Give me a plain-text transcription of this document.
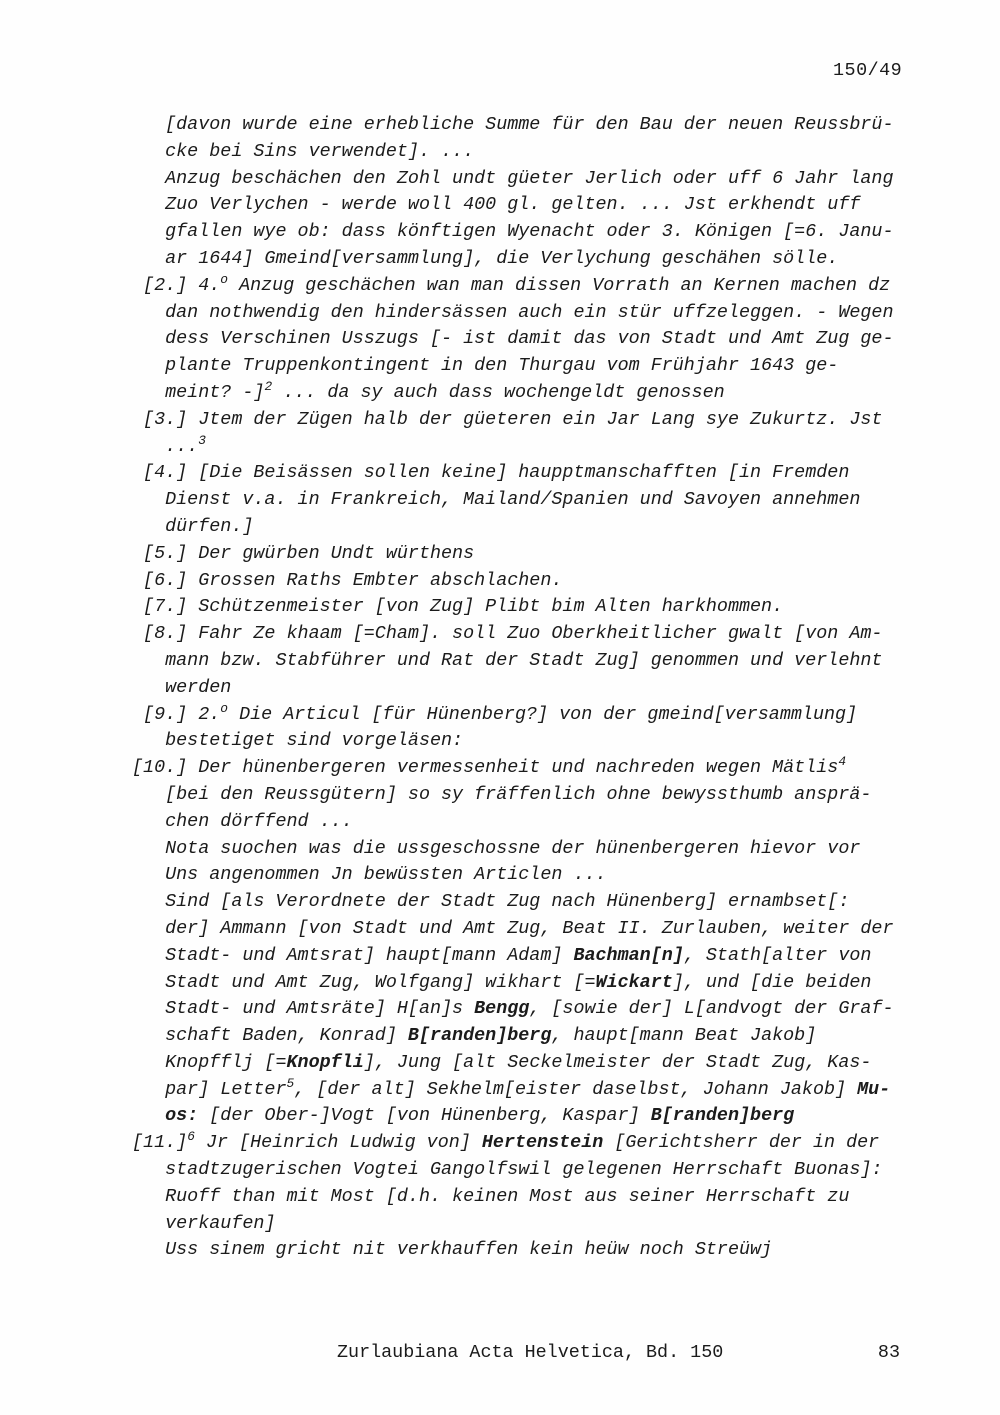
150/49
[davon wurde eine erhebliche Summe für den Bau der neuen Reussbrü-
cke bei Sins verwendet]. ...
Anzug beschächen den Zohl undt güeter Jerlich oder uff 6 Jahr lang
Zuo Verlychen - werde woll 400 gl. gelten. ... Jst erkhendt uff
gfallen wye ob: dass könftigen Wyenacht oder 3. Königen [=6. Janu-
ar 1644] Gmeind[versammlung], die Verlychung geschähen sölle.
[2.] 4.$^o$ Anzug geschächen wan man dissen Vorrath an Kernen machen dz
dan nothwendig den hindersässen auch ein stür uffzeleggen. - Wegen
dess Verschinen Usszugs [- ist damit das von Stadt und Amt Zug ge-
plante Truppenkontingent in den Thurgau vom Frühjahr 1643 ge-
meint? -]$^2$ ... da sy auch dass wochengeldt genossen
[3.] Jtem der Zügen halb der güeteren ein Jar Lang sye Zukurtz. Jst
...$^3$
[4.] [Die Beisässen sollen keine] haupptmanschafften [in Fremden
Dienst v.a. in Frankreich, Mailand/Spanien und Savoyen annehmen
dürfen.]
[5.] Der gwürben Undt würthens
[6.] Grossen Raths Embter abschlachen.
[7.] Schützenmeister [von Zug] Plibt bim Alten harkhommen.
[8.] Fahr Ze khaam [=Cham]. soll Zuo Oberkheitlicher gwalt [von Am-
mann bzw. Stabführer und Rat der Stadt Zug] genommen und verlehnt
werden
[9.] 2.$^o$ Die Articul [für Hünenberg?] von der gmeind[versammlung]
bestetiget sind vorgeläsen:
[10.] Der hünenbergeren vermessenheit und nachreden wegen Mätlis$^4$
[bei den Reussgütern] so sy fräffenlich ohne bewyssthumb ansprä-
chen dörffend ...
Nota suochen was die ussgeschossne der hünenbergeren hievor vor
Uns angenommen Jn bewüssten Articlen ...
Sind [als Verordnete der Stadt Zug nach Hünenberg] ernambset[:
der] Ammann [von Stadt und Amt Zug, Beat II. Zurlauben, weiter der
Stadt- und Amtsrat] haupt[mann Adam] Bachman[n], Stath[alter von
Stadt und Amt Zug, Wolfgang] wikhart [=Wickart], und [die beiden
Stadt- und Amtsräte] H[an]s Bengg, [sowie der] L[andvogt der Graf-
schaft Baden, Konrad] B[randen]berg, haupt[mann Beat Jakob]
Knopfflj [=Knopfli], Jung [alt Seckelmeister der Stadt Zug, Kas-
par] Letter$^5$, [der alt] Sekhelm[eister daselbst, Johann Jakob] Mu-
os: [der Ober-]Vogt [von Hünenberg, Kaspar] B[randen]berg
$[11.]^6$ Jr [Heinrich Ludwig von] Hertenstein [Gerichtsherr der in der
stadtzugerischen Vogtei Gangolfswil gelegenen Herrschaft Buonas]:
Ruoff than mit Most [d.h. keinen Most aus seiner Herrschaft zu
verkaufen]
Uss sinem gricht nit verkhauffen kein heüw noch Streüwj
Zurlaubiana Acta Helvetica, Bd. 150	83
